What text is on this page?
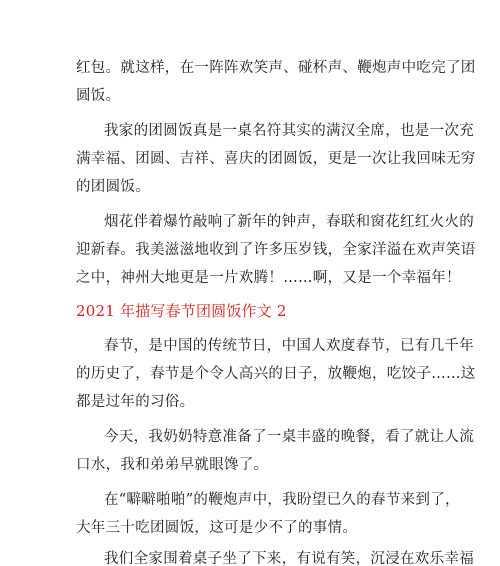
红包。就这样，在一阵阵欢笑声、碰杯声、鞭炮声中吃完了团
圆饭。
我家的团圆饭真是一桌名符其实的满汉全席，也是一次充
满幸福、团圆、吉祥、喜庆的团圆饭，更是一次让我回味无穷
的团圆饭。
烟花伴着爆竹敲响了新年的钟声，春联和窗花红红火火的
迎新春。我美滋滋地收到了许多压岁钱，全家洋溢在欢声笑语
之中，神州大地更是一片欢腾！……啊，又是一个幸福年！
2021 年描写春节团圆饭作文 2
春节，是中国的传统节日，中国人欢度春节，已有几千年
的历史了，春节是个令人高兴的日子，放鞭炮，吃饺子……这
都是过年的习俗。
今天，我奶奶特意准备了一桌丰盛的晚餐，看了就让人流
口水，我和弟弟早就眼馋了。
在“噼噼啪啪”的鞭炮声中，我盼望已久的春节来到了，
大年三十吃团圆饭，这可是少不了的事情。
我们全家围着桌子坐了下来，有说有笑，沉浸在欢乐幸福
